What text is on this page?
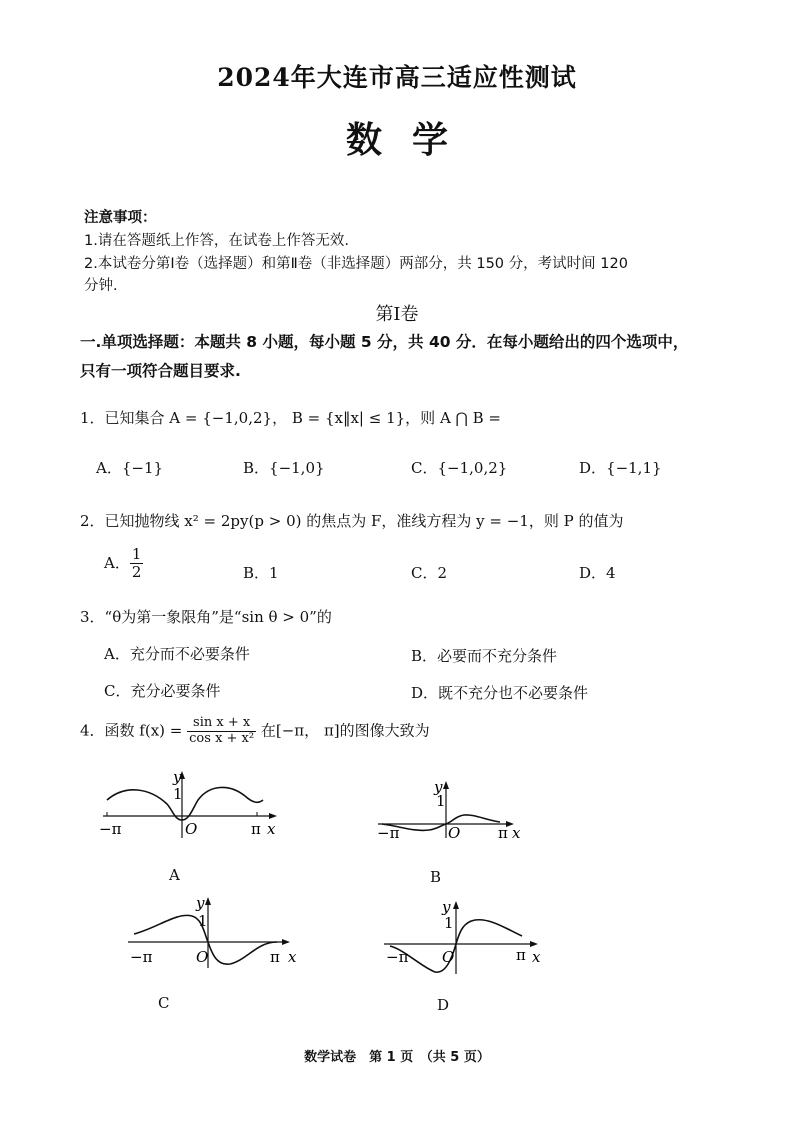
2024年大连市高三适应性测试
数学
注意事项：
1.请在答题纸上作答，在试卷上作答无效.
2.本试卷分第Ⅰ卷（选择题）和第Ⅱ卷（非选择题）两部分，共 150 分，考试时间 120
分钟.
第Ⅰ卷
一.单项选择题：本题共 8 小题，每小题 5 分，共 40 分．在每小题给出的四个选项中，
只有一项符合题目要求.
1．已知集合 A = {−1,0,2}， B = {x‖x| ≤ 1}，则 A ⋂ B =
A．{−1}	B．{−1,0}	C．{−1,0,2}	D．{−1,1}
2．已知抛物线 x² = 2py(p > 0) 的焦点为 F，准线方程为 y = −1，则 P 的值为
A． $\frac{1}{2}$	B．1	C．2	D．4
3．“θ为第一象限角”是“sin θ > 0”的
A．充分而不必要条件	B．必要而不充分条件
C．充分必要条件	D．既不充分也不必要条件
4．函数 $f(x) = \frac{\text{sin x + x}}{\text{cos x + x²}}$ 在[−π， π]的图像大致为
y
1
O
−π	π x
A
y
1
O
−π	π x
B
y
1
O
−π	π x
C
y
1
O
−π	π x
D
数学试卷　第 1 页　（共 5 页）
